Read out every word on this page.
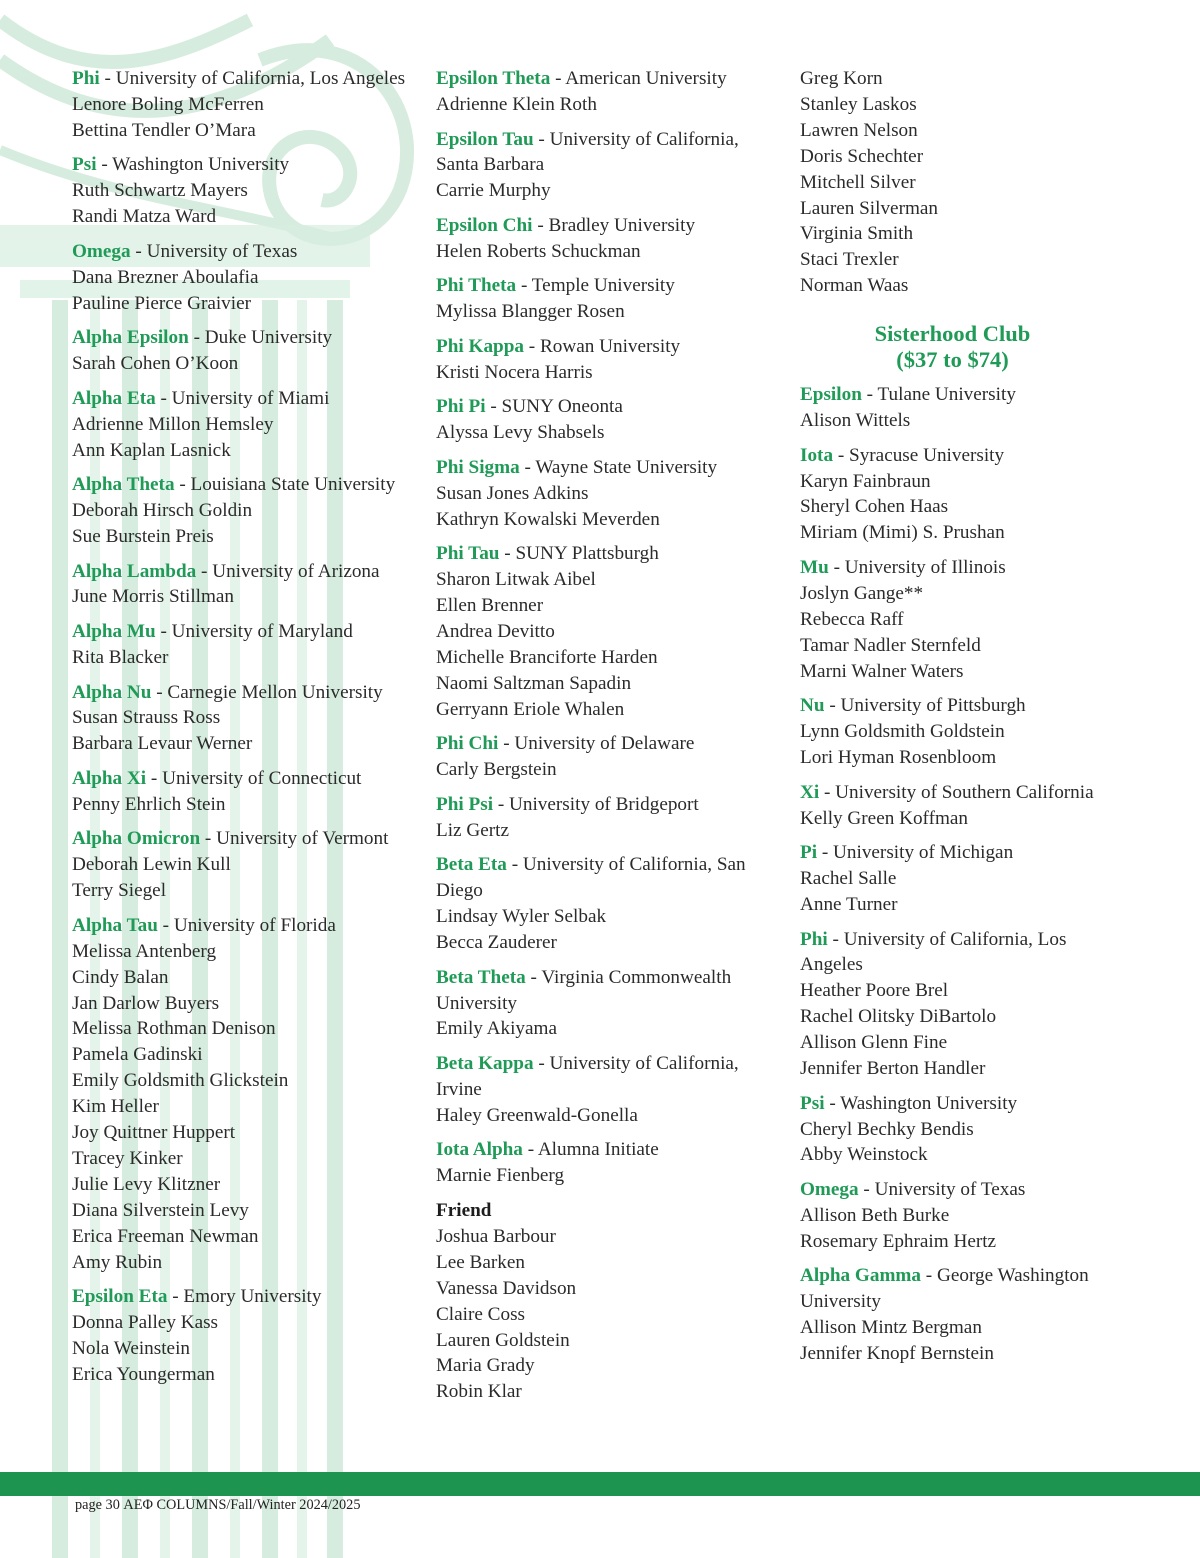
Phi - University of California, Los Angeles
Lenore Boling McFerren
Bettina Tendler O’Mara
Psi - Washington University
Ruth Schwartz Mayers
Randi Matza Ward
Omega - University of Texas
Dana Brezner Aboulafia
Pauline Pierce Graivier
Alpha Epsilon - Duke University
Sarah Cohen O’Koon
Alpha Eta - University of Miami
Adrienne Millon Hemsley
Ann Kaplan Lasnick
Alpha Theta - Louisiana State University
Deborah Hirsch Goldin
Sue Burstein Preis
Alpha Lambda - University of Arizona
June Morris Stillman
Alpha Mu - University of Maryland
Rita Blacker
Alpha Nu - Carnegie Mellon University
Susan Strauss Ross
Barbara Levaur Werner
Alpha Xi - University of Connecticut
Penny Ehrlich Stein
Alpha Omicron - University of Vermont
Deborah Lewin Kull
Terry Siegel
Alpha Tau - University of Florida
Melissa Antenberg
Cindy Balan
Jan Darlow Buyers
Melissa Rothman Denison
Pamela Gadinski
Emily Goldsmith Glickstein
Kim Heller
Joy Quittner Huppert
Tracey Kinker
Julie Levy Klitzner
Diana Silverstein Levy
Erica Freeman Newman
Amy Rubin
Epsilon Eta - Emory University
Donna Palley Kass
Nola Weinstein
Erica Youngerman
Epsilon Theta - American University
Adrienne Klein Roth
Epsilon Tau - University of California, Santa Barbara
Carrie Murphy
Epsilon Chi - Bradley University
Helen Roberts Schuckman
Phi Theta - Temple University
Mylissa Blangger Rosen
Phi Kappa - Rowan University
Kristi Nocera Harris
Phi Pi - SUNY Oneonta
Alyssa Levy Shabsels
Phi Sigma - Wayne State University
Susan Jones Adkins
Kathryn Kowalski Meverden
Phi Tau - SUNY Plattsburgh
Sharon Litwak Aibel
Ellen Brenner
Andrea Devitto
Michelle Branciforte Harden
Naomi Saltzman Sapadin
Gerryann Eriole Whalen
Phi Chi - University of Delaware
Carly Bergstein
Phi Psi - University of Bridgeport
Liz Gertz
Beta Eta - University of California, San Diego
Lindsay Wyler Selbak
Becca Zauderer
Beta Theta - Virginia Commonwealth University
Emily Akiyama
Beta Kappa - University of California, Irvine
Haley Greenwald-Gonella
Iota Alpha - Alumna Initiate
Marnie Fienberg
Friend
Joshua Barbour
Lee Barken
Vanessa Davidson
Claire Coss
Lauren Goldstein
Maria Grady
Robin Klar
Greg Korn
Stanley Laskos
Lawren Nelson
Doris Schechter
Mitchell Silver
Lauren Silverman
Virginia Smith
Staci Trexler
Norman Waas
Sisterhood Club
($37 to $74)
Epsilon - Tulane University
Alison Wittels
Iota - Syracuse University
Karyn Fainbraun
Sheryl Cohen Haas
Miriam (Mimi) S. Prushan
Mu - University of Illinois
Joslyn Gange**
Rebecca Raff
Tamar Nadler Sternfeld
Marni Walner Waters
Nu - University of Pittsburgh
Lynn Goldsmith Goldstein
Lori Hyman Rosenbloom
Xi - University of Southern California
Kelly Green Koffman
Pi - University of Michigan
Rachel Salle
Anne Turner
Phi - University of California, Los Angeles
Heather Poore Brel
Rachel Olitsky DiBartolo
Allison Glenn Fine
Jennifer Berton Handler
Psi - Washington University
Cheryl Bechky Bendis
Abby Weinstock
Omega - University of Texas
Allison Beth Burke
Rosemary Ephraim Hertz
Alpha Gamma - George Washington University
Allison Mintz Bergman
Jennifer Knopf Bernstein
page 30 ΑΕΦ COLUMNS/Fall/Winter 2024/2025
